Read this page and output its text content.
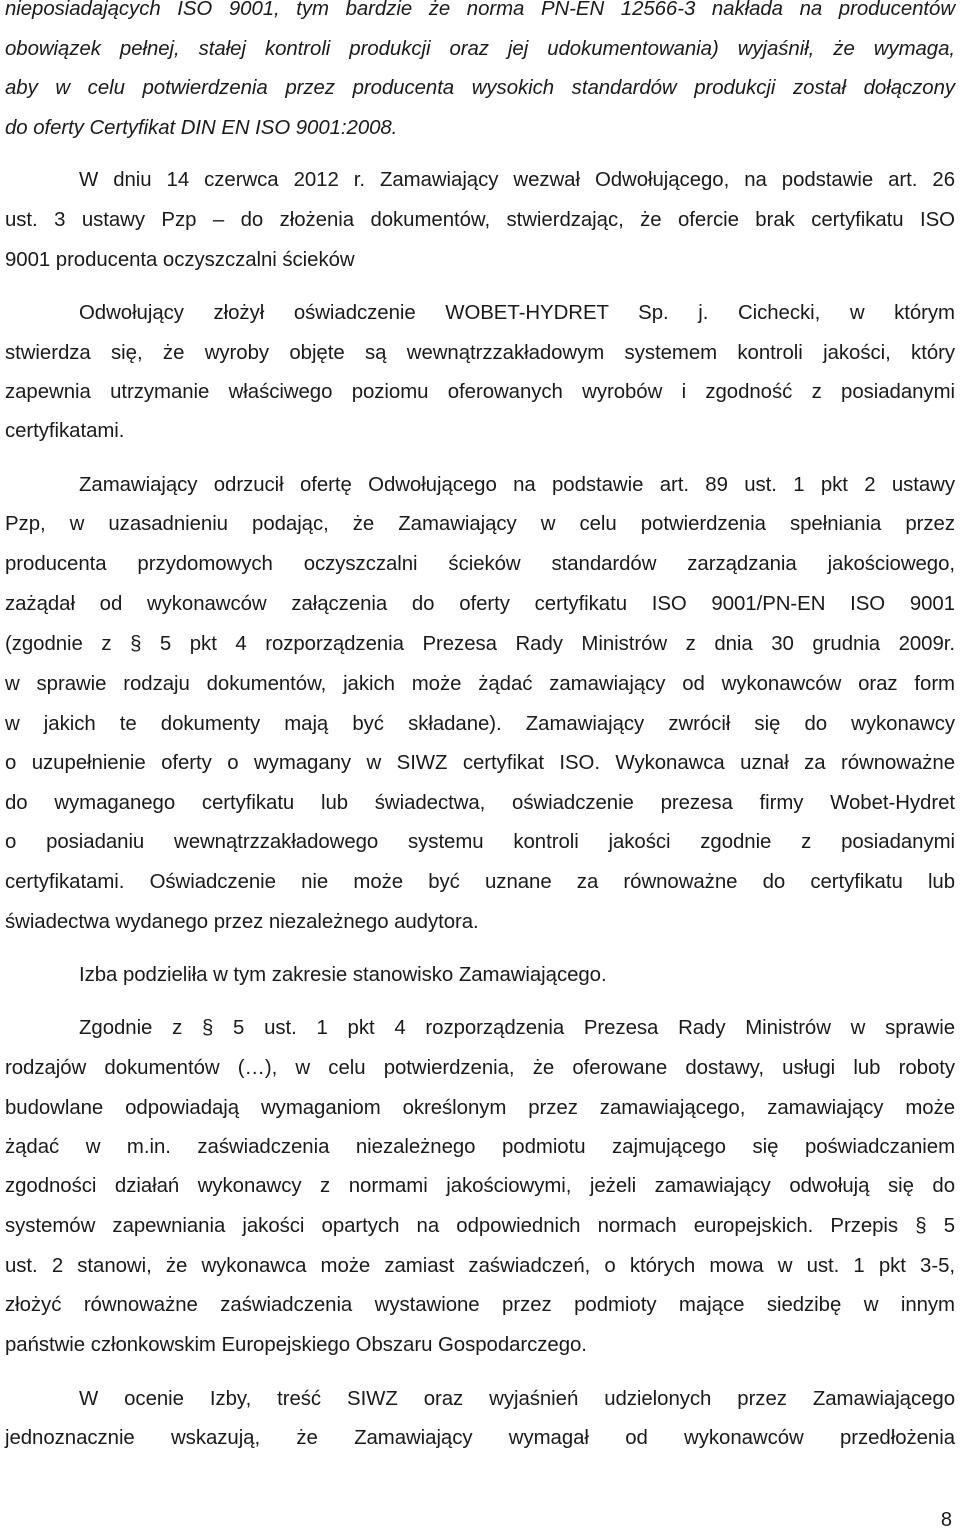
nieposiadających ISO 9001, tym bardzie że norma PN-EN 12566-3 nakłada na producentów
obowiązek pełnej, stałej kontroli produkcji oraz jej udokumentowania) wyjaśnił, że wymaga,
aby w celu potwierdzenia przez producenta wysokich standardów produkcji został dołączony
do oferty Certyfikat DIN EN ISO 9001:2008.
W dniu 14 czerwca 2012 r. Zamawiający wezwał Odwołującego, na podstawie art. 26
ust. 3 ustawy Pzp – do złożenia dokumentów, stwierdzając, że ofercie brak certyfikatu ISO
9001 producenta oczyszczalni ścieków
Odwołujący złożył oświadczenie WOBET-HYDRET Sp. j. Cichecki, w którym
stwierdza się, że wyroby objęte są wewnątrzzakładowym systemem kontroli jakości, który
zapewnia utrzymanie właściwego poziomu oferowanych wyrobów i zgodność z posiadanymi
certyfikatami.
Zamawiający odrzucił ofertę Odwołującego na podstawie art. 89 ust. 1 pkt 2 ustawy
Pzp, w uzasadnieniu podając, że Zamawiający w celu potwierdzenia spełniania przez
producenta przydomowych oczyszczalni ścieków standardów zarządzania jakościowego,
zażądał od wykonawców załączenia do oferty certyfikatu ISO 9001/PN-EN ISO 9001
(zgodnie z § 5 pkt 4 rozporządzenia Prezesa Rady Ministrów z dnia 30 grudnia 2009r.
w sprawie rodzaju dokumentów, jakich może żądać zamawiający od wykonawców oraz form
w jakich te dokumenty mają być składane). Zamawiający zwrócił się do wykonawcy
o uzupełnienie oferty o wymagany w SIWZ certyfikat ISO. Wykonawca uznał za równoważne
do wymaganego certyfikatu lub świadectwa, oświadczenie prezesa firmy Wobet-Hydret
o posiadaniu wewnątrzzakładowego systemu kontroli jakości zgodnie z posiadanymi
certyfikatami. Oświadczenie nie może być uznane za równoważne do certyfikatu lub
świadectwa wydanego przez niezależnego audytora.
Izba podzieliła w tym zakresie stanowisko Zamawiającego.
Zgodnie z § 5 ust. 1 pkt 4 rozporządzenia Prezesa Rady Ministrów w sprawie
rodzajów dokumentów (…), w celu potwierdzenia, że oferowane dostawy, usługi lub roboty
budowlane odpowiadają wymaganiom określonym przez zamawiającego, zamawiający może
żądać w m.in. zaświadczenia niezależnego podmiotu zajmującego się poświadczaniem
zgodności działań wykonawcy z normami jakościowymi, jeżeli zamawiający odwołują się do
systemów zapewniania jakości opartych na odpowiednich normach europejskich. Przepis § 5
ust. 2 stanowi, że wykonawca może zamiast zaświadczeń, o których mowa w ust. 1 pkt 3-5,
złożyć równoważne zaświadczenia wystawione przez podmioty mające siedzibę w innym
państwie członkowskim Europejskiego Obszaru Gospodarczego.
W ocenie Izby, treść SIWZ oraz wyjaśnień udzielonych przez Zamawiającego
jednoznacznie wskazują, że Zamawiający wymagał od wykonawców przedłożenia
8
